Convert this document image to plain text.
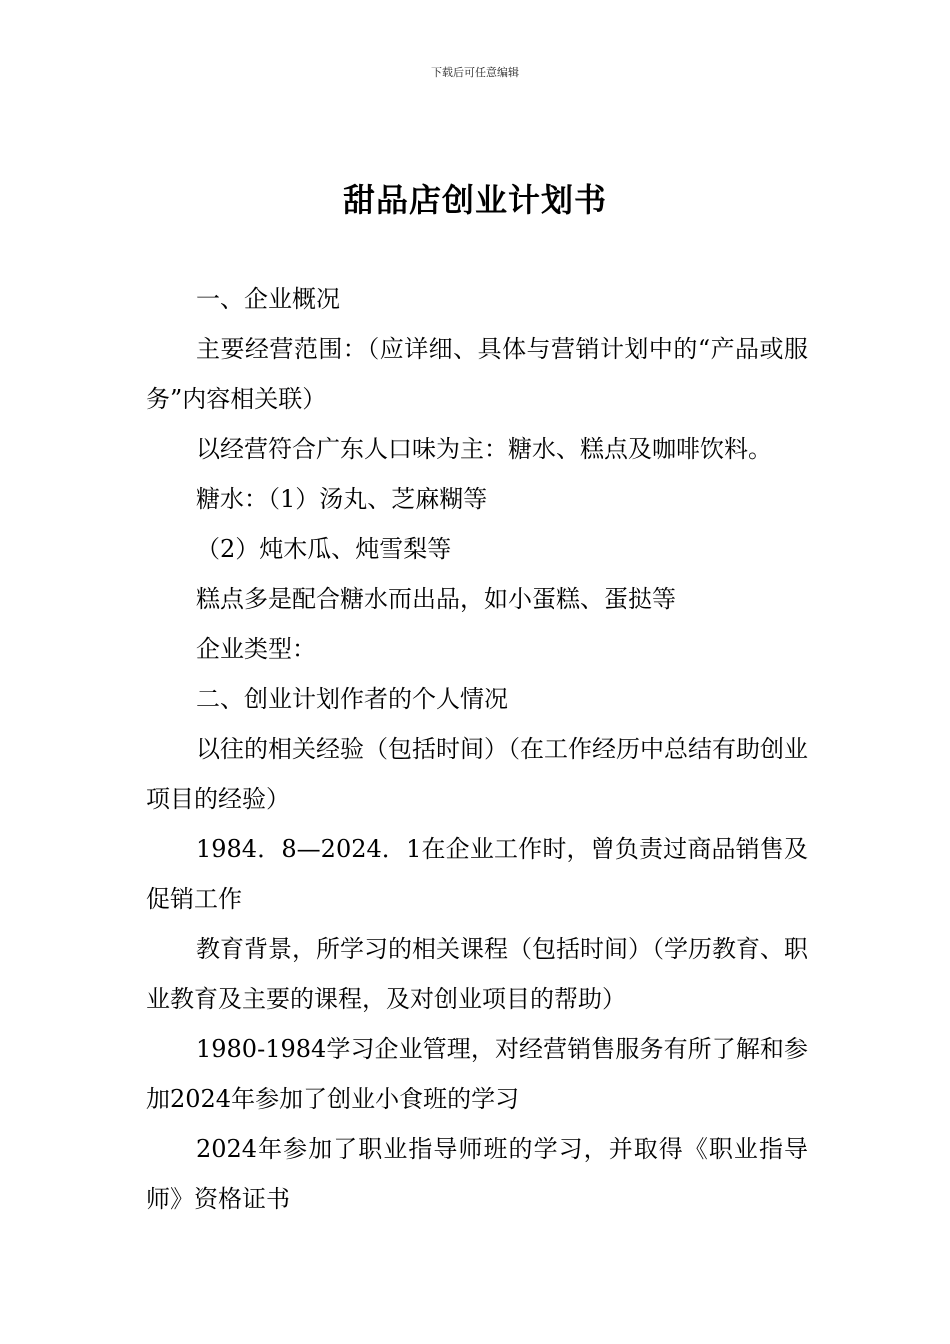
下载后可任意编辑
甜品店创业计划书

一、企业概况

主要经营范围：（应详细、具体与营销计划中的“产品或服务”内容相关联）

以经营符合广东人口味为主：糖水、糕点及咖啡饮料。

糖水：（1）汤丸、芝麻糊等

（2）炖木瓜、炖雪梨等

糕点多是配合糖水而出品，如小蛋糕、蛋挞等

企业类型：

二、创业计划作者的个人情况

以往的相关经验（包括时间）（在工作经历中总结有助创业项目的经验）

1984．8—2024．1在企业工作时，曾负责过商品销售及促销工作

教育背景，所学习的相关课程（包括时间）（学历教育、职业教育及主要的课程，及对创业项目的帮助）

1980-1984学习企业管理，对经营销售服务有所了解和参加2024年参加了创业小食班的学习

2024年参加了职业指导师班的学习，并取得《职业指导师》资格证书
